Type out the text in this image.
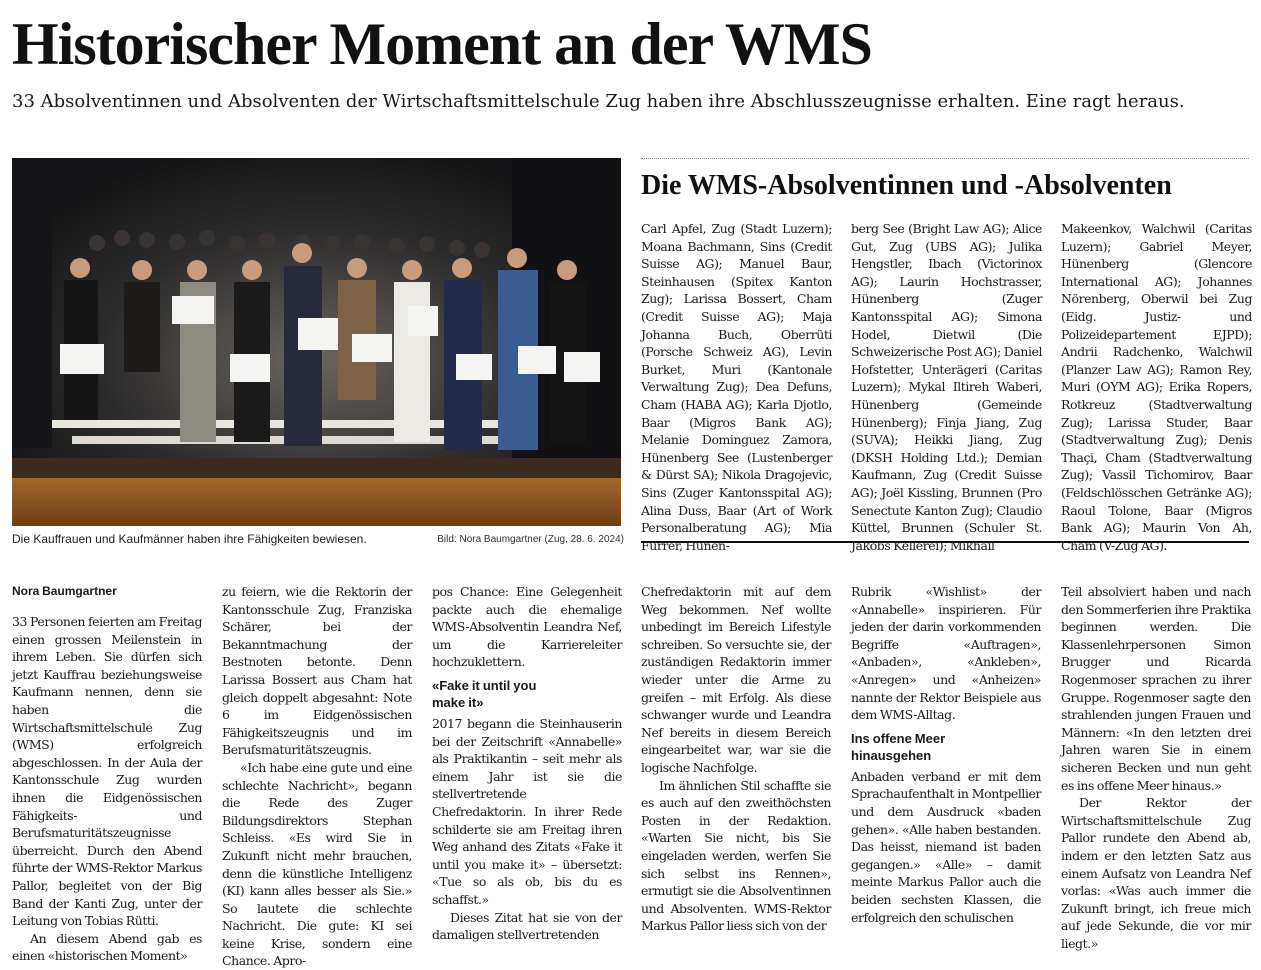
Historischer Moment an der WMS

33 Absolventinnen und Absolventen der Wirtschaftsmittelschule Zug haben ihre Abschlusszeugnisse erhalten. Eine ragt heraus.

Die Kauffrauen und Kaufmänner haben ihre Fähigkeiten bewiesen.	Bild: Nora Baumgartner (Zug, 28. 6. 2024)
Die WMS-Absolventinnen und -Absolventen

Carl Apfel, Zug (Stadt Luzern); Moana Bachmann, Sins (Credit Suisse AG); Manuel Baur, Steinhausen (Spitex Kanton Zug); Larissa Bossert, Cham (Credit Suisse AG); Maja Johanna Buch, Oberrüti (Porsche Schweiz AG), Levin Burket, Muri (Kantonale Verwaltung Zug); Dea Defuns, Cham (HABA AG); Karla Djotlo, Baar (Migros Bank AG); Melanie Dominguez Zamora, Hünenberg See (Lustenberger & Dürst SA); Nikola Dragojevic, Sins (Zuger Kantonsspital AG); Alina Duss, Baar (Art of Work Personalberatung AG); Mia Furrer, Hünen-

berg See (Bright Law AG); Alice Gut, Zug (UBS AG); Julika Hengstler, Ibach (Victorinox AG); Laurin Hochstrasser, Hünenberg (Zuger Kantonsspital AG); Simona Hodel, Dietwil (Die Schweizerische Post AG); Daniel Hofstetter, Unterägeri (Caritas Luzern); Mykal Iltireh Waberi, Hünenberg (Gemeinde Hünenberg); Finja Jiang, Zug (SUVA); Heikki Jiang, Zug (DKSH Holding Ltd.); Demian Kaufmann, Zug (Credit Suisse AG); Joël Kissling, Brunnen (Pro Senectute Kanton Zug); Claudio Küttel, Brunnen (Schuler St. Jakobs Kellerei); Mikhail

Makeenkov, Walchwil (Caritas Luzern); Gabriel Meyer, Hünenberg (Glencore International AG); Johannes Nörenberg, Oberwil bei Zug (Eidg. Justiz- und Polizeidepartement EJPD); Andrii Radchenko, Walchwil (Planzer Law AG); Ramon Rey, Muri (OYM AG); Erika Ropers, Rotkreuz (Stadtverwaltung Zug); Larissa Studer, Baar (Stadtverwaltung Zug); Denis Thaçi, Cham (Stadtverwaltung Zug); Vassil Tichomirov, Baar (Feldschlösschen Getränke AG); Raoul Tolone, Baar (Migros Bank AG); Maurin Von Ah, Cham (V-Zug AG).

Nora Baumgartner

33 Personen feierten am Freitag einen grossen Meilenstein in ihrem Leben. Sie dürfen sich jetzt Kauffrau beziehungsweise Kaufmann nennen, denn sie haben die Wirtschaftsmittelschule Zug (WMS) erfolgreich abgeschlossen. In der Aula der Kantonsschule Zug wurden ihnen die Eidgenössischen Fähigkeits- und Berufsmaturitätszeugnisse überreicht. Durch den Abend führte der WMS-Rektor Markus Pallor, begleitet von der Big Band der Kanti Zug, unter der Leitung von Tobias Rütti.

An diesem Abend gab es einen «historischen Moment»

zu feiern, wie die Rektorin der Kantonsschule Zug, Franziska Schärer, bei der Bekanntmachung der Bestnoten betonte. Denn Larissa Bossert aus Cham hat gleich doppelt abgesahnt: Note 6 im Eidgenössischen Fähigkeitszeugnis und im Berufsmaturitätszeugnis.

«Ich habe eine gute und eine schlechte Nachricht», begann die Rede des Zuger Bildungsdirektors Stephan Schleiss. «Es wird Sie in Zukunft nicht mehr brauchen, denn die künstliche Intelligenz (KI) kann alles besser als Sie.» So lautete die schlechte Nachricht. Die gute: KI sei keine Krise, sondern eine Chance. Apro-

pos Chance: Eine Gelegenheit packte auch die ehemalige WMS-Absolventin Leandra Nef, um die Karriereleiter hochzuklettern.

«Fake it until you make it»

2017 begann die Steinhauserin bei der Zeitschrift «Annabelle» als Praktikantin – seit mehr als einem Jahr ist sie die stellvertretende Chefredaktorin. In ihrer Rede schilderte sie am Freitag ihren Weg anhand des Zitats «Fake it until you make it» – übersetzt: «Tue so als ob, bis du es schaffst.»

Dieses Zitat hat sie von der damaligen stellvertretenden

Chefredaktorin mit auf dem Weg bekommen. Nef wollte unbedingt im Bereich Lifestyle schreiben. So versuchte sie, der zuständigen Redaktorin immer wieder unter die Arme zu greifen – mit Erfolg. Als diese schwanger wurde und Leandra Nef bereits in diesem Bereich eingearbeitet war, war sie die logische Nachfolge.

Im ähnlichen Stil schaffte sie es auch auf den zweithöchsten Posten in der Redaktion. «Warten Sie nicht, bis Sie eingeladen werden, werfen Sie sich selbst ins Rennen», ermutigt sie die Absolventinnen und Absolventen. WMS-Rektor Markus Pallor liess sich von der

Rubrik «Wishlist» der «Annabelle» inspirieren. Für jeden der darin vorkommenden Begriffe «Auftragen», «Anbaden», «Ankleben», «Anregen» und «Anheizen» nannte der Rektor Beispiele aus dem WMS-Alltag.

Ins offene Meer hinausgehen

Anbaden verband er mit dem Sprachaufenthalt in Montpellier und dem Ausdruck «baden gehen». «Alle haben bestanden. Das heisst, niemand ist baden gegangen.» «Alle» – damit meinte Markus Pallor auch die beiden sechsten Klassen, die erfolgreich den schulischen

Teil absolviert haben und nach den Sommerferien ihre Praktika beginnen werden. Die Klassenlehrpersonen Simon Brugger und Ricarda Rogenmoser sprachen zu ihrer Gruppe. Rogenmoser sagte den strahlenden jungen Frauen und Männern: «In den letzten drei Jahren waren Sie in einem sicheren Becken und nun geht es ins offene Meer hinaus.»

Der Rektor der Wirtschaftsmittelschule Zug Pallor rundete den Abend ab, indem er den letzten Satz aus einem Aufsatz von Leandra Nef vorlas: «Was auch immer die Zukunft bringt, ich freue mich auf jede Sekunde, die vor mir liegt.»
